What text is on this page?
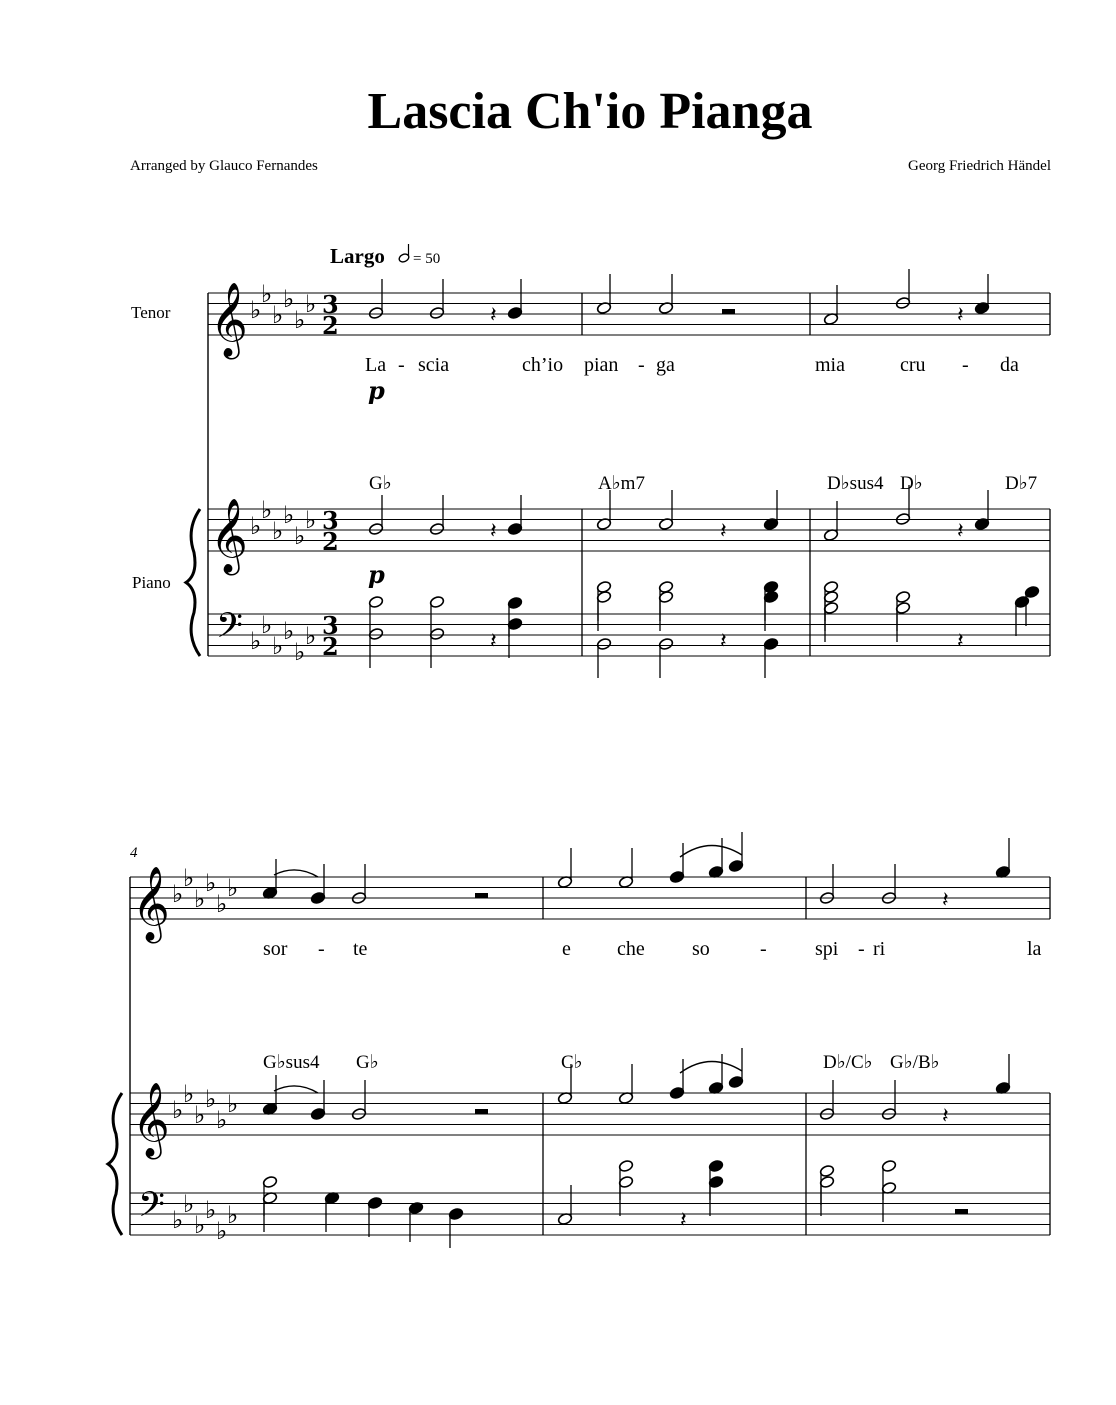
Lascia Ch'io Pianga
Arranged by Glauco Fernandes	Georg Friedrich Händel
Largo = 50
Tenor
Piano
p
p
𝄞
𝄞
𝄢
♭
♭
♭
♭
♭
♭
♭
♭
♭
♭
♭
♭
♭
♭
♭
♭
♭
♭
3
2
3
2
3
2
𝄽	𝄽
𝄽	𝄽	𝄽
𝄽	𝄽	𝄽
𝄞
𝄞
𝄢
♭
♭
♭
♭
♭
♭
♭
♭
♭
♭
♭
♭
♭
♭
♭
♭
♭
♭
𝄽
𝄽
𝄽
4
La - scia	ch’io pian - ga	mia	cru - da
sor - te	e che so	- spi - ri	la
G♭	A♭m7	D♭sus4 D♭	D♭7
G♭sus4 G♭	C♭	D♭/C♭ G♭/B♭
